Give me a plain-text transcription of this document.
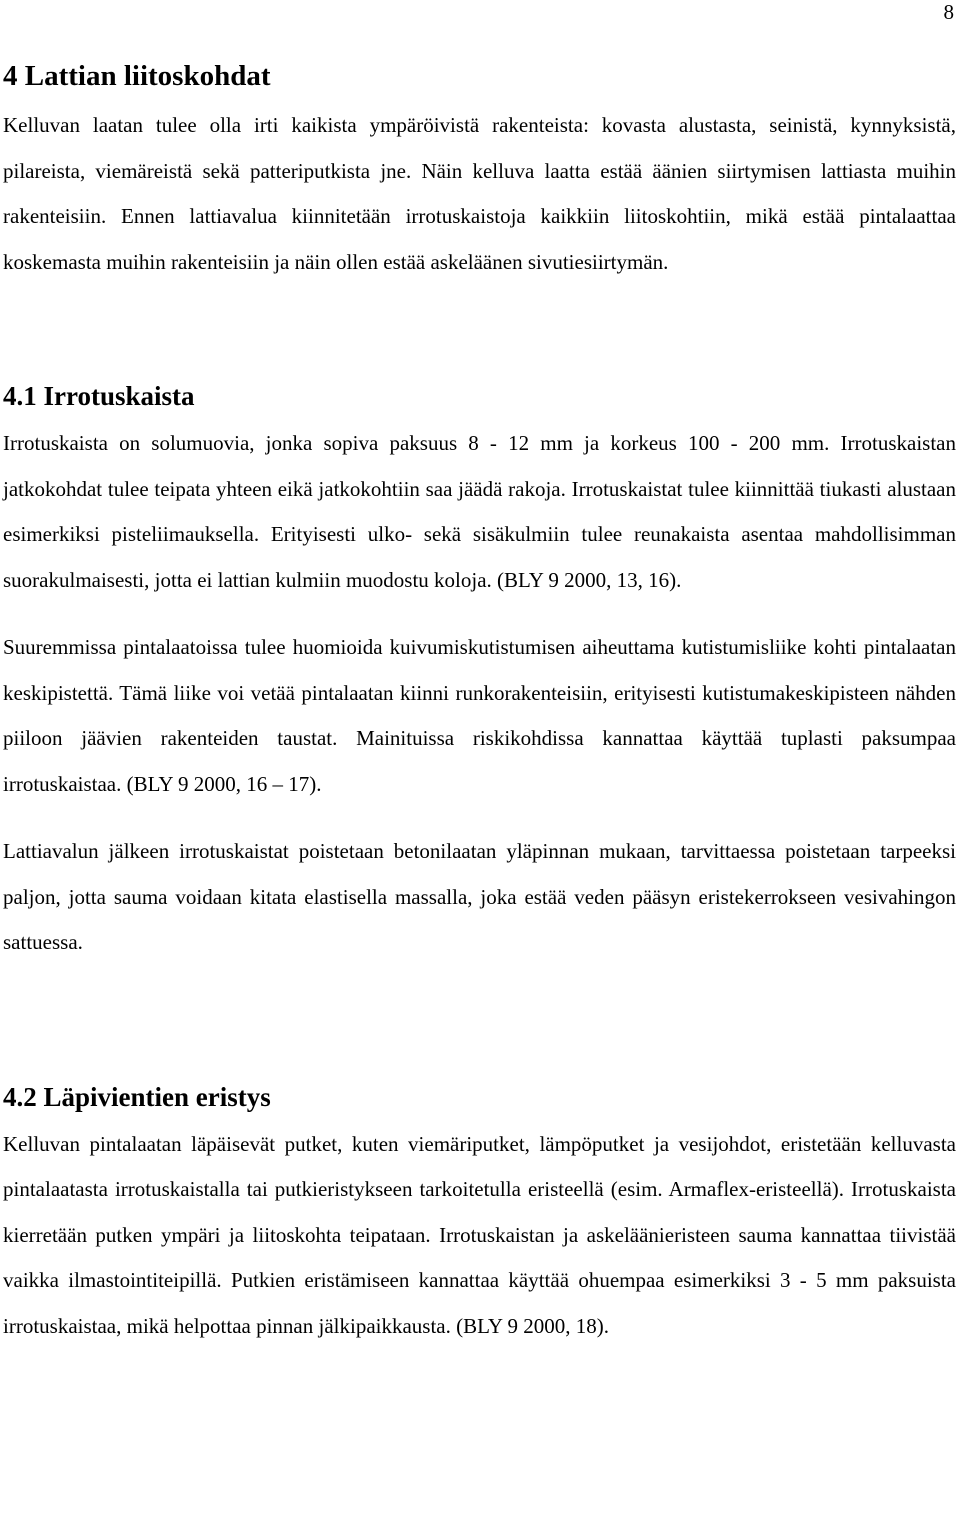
8
4 Lattian liitoskohdat

Kelluvan laatan tulee olla irti kaikista ympäröivistä rakenteista: kovasta alustasta, seinistä, kynnyksistä, pilareista, viemäreistä sekä patteriputkista jne. Näin kelluva laatta estää äänien siirtymisen lattiasta muihin rakenteisiin. Ennen lattiavalua kiinnitetään irrotuskaistoja kaikkiin liitoskohtiin, mikä estää pintalaattaa koskemasta muihin rakenteisiin ja näin ollen estää askeläänen sivutiesiirtymän.

4.1 Irrotuskaista

Irrotuskaista on solumuovia, jonka sopiva paksuus 8 - 12 mm ja korkeus 100 - 200 mm. Irrotuskaistan jatkokohdat tulee teipata yhteen eikä jatkokohtiin saa jäädä rakoja. Irrotuskaistat tulee kiinnittää tiukasti alustaan esimerkiksi pisteliimauksella. Erityisesti ulko- sekä sisäkulmiin tulee reunakaista asentaa mahdollisimman suorakulmaisesti, jotta ei lattian kulmiin muodostu koloja. (BLY 9 2000, 13, 16).

Suuremmissa pintalaatoissa tulee huomioida kuivumiskutistumisen aiheuttama kutistumisliike kohti pintalaatan keskipistettä. Tämä liike voi vetää pintalaatan kiinni runkorakenteisiin, erityisesti kutistumakeskipisteen nähden piiloon jäävien rakenteiden taustat. Mainituissa riskikohdissa kannattaa käyttää tuplasti paksumpaa irrotuskaistaa. (BLY 9 2000, 16 – 17).

Lattiavalun jälkeen irrotuskaistat poistetaan betonilaatan yläpinnan mukaan, tarvittaessa poistetaan tarpeeksi paljon, jotta sauma voidaan kitata elastisella massalla, joka estää veden pääsyn eristekerrokseen vesivahingon sattuessa.

4.2 Läpivientien eristys

Kelluvan pintalaatan läpäisevät putket, kuten viemäriputket, lämpöputket ja vesijohdot, eristetään kelluvasta pintalaatasta irrotuskaistalla tai putkieristykseen tarkoitetulla eristeellä (esim. Armaflex-eristeellä). Irrotuskaista kierretään putken ympäri ja liitoskohta teipataan. Irrotuskaistan ja askeläänieristeen sauma kannattaa tiivistää vaikka ilmastointiteipillä. Putkien eristämiseen kannattaa käyttää ohuempaa esimerkiksi 3 - 5 mm paksuista irrotuskaistaa, mikä helpottaa pinnan jälkipaikkausta. (BLY 9 2000, 18).
